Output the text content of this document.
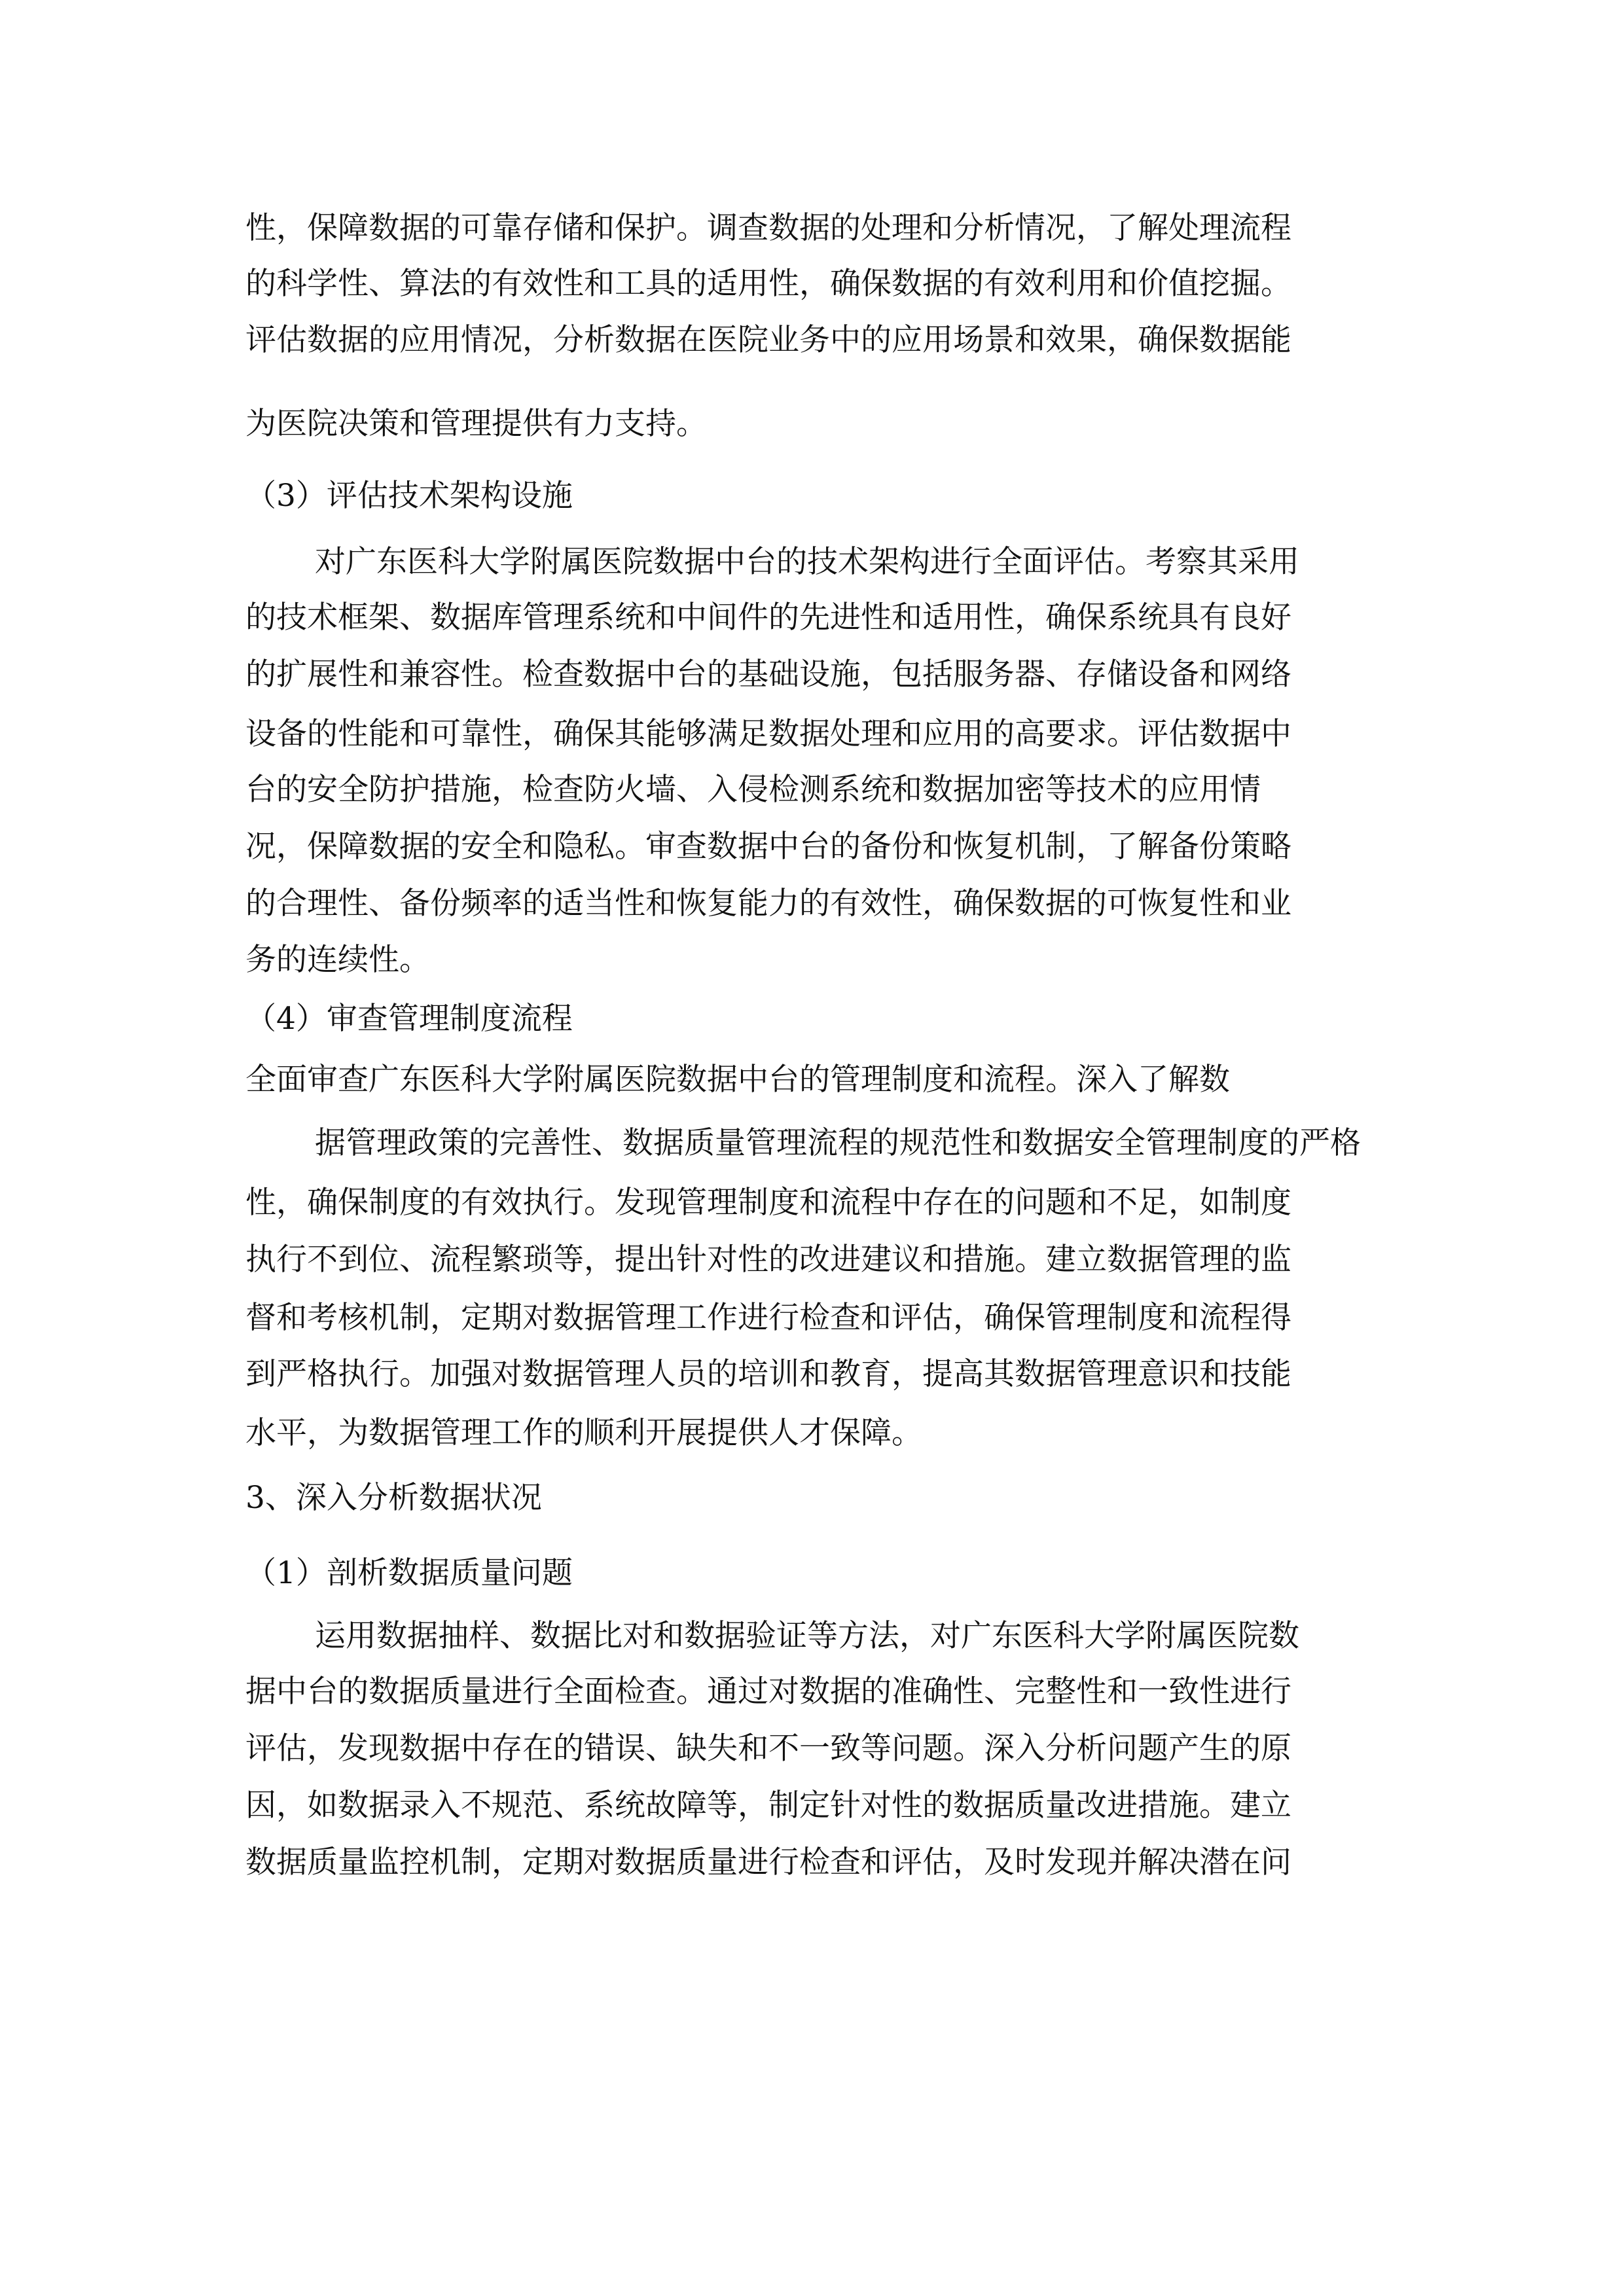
性，保障数据的可靠存储和保护。调查数据的处理和分析情况，了解处理流程

的科学性、算法的有效性和工具的适用性，确保数据的有效利用和价值挖掘。

评估数据的应用情况，分析数据在医院业务中的应用场景和效果，确保数据能

为医院决策和管理提供有力支持。

（3）评估技术架构设施

对广东医科大学附属医院数据中台的技术架构进行全面评估。考察其采用

的技术框架、数据库管理系统和中间件的先进性和适用性，确保系统具有良好

的扩展性和兼容性。检查数据中台的基础设施，包括服务器、存储设备和网络

设备的性能和可靠性，确保其能够满足数据处理和应用的高要求。评估数据中

台的安全防护措施，检查防火墙、入侵检测系统和数据加密等技术的应用情

况，保障数据的安全和隐私。审查数据中台的备份和恢复机制，了解备份策略

的合理性、备份频率的适当性和恢复能力的有效性，确保数据的可恢复性和业

务的连续性。

（4）审查管理制度流程

全面审查广东医科大学附属医院数据中台的管理制度和流程。深入了解数

据管理政策的完善性、数据质量管理流程的规范性和数据安全管理制度的严格

性，确保制度的有效执行。发现管理制度和流程中存在的问题和不足，如制度

执行不到位、流程繁琐等，提出针对性的改进建议和措施。建立数据管理的监

督和考核机制，定期对数据管理工作进行检查和评估，确保管理制度和流程得

到严格执行。加强对数据管理人员的培训和教育，提高其数据管理意识和技能

水平，为数据管理工作的顺利开展提供人才保障。

3、深入分析数据状况

（1）剖析数据质量问题

运用数据抽样、数据比对和数据验证等方法，对广东医科大学附属医院数

据中台的数据质量进行全面检查。通过对数据的准确性、完整性和一致性进行

评估，发现数据中存在的错误、缺失和不一致等问题。深入分析问题产生的原

因，如数据录入不规范、系统故障等，制定针对性的数据质量改进措施。建立

数据质量监控机制，定期对数据质量进行检查和评估，及时发现并解决潜在问
